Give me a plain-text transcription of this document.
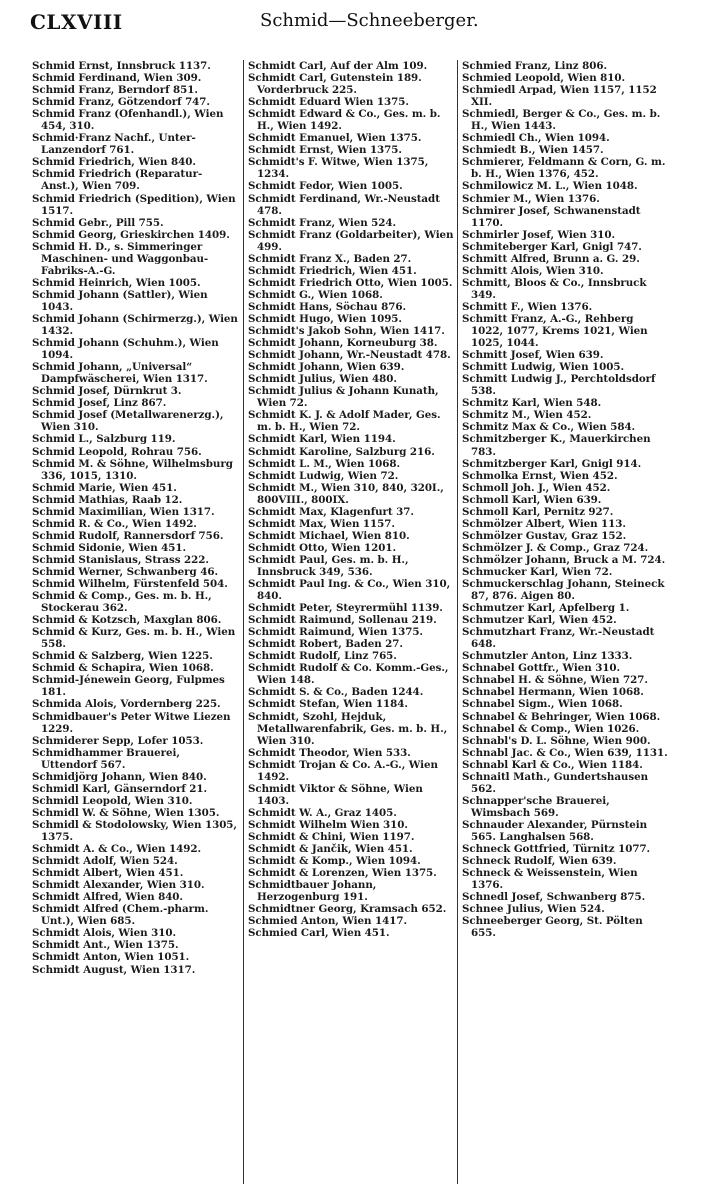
CLXVIII	Schmid—Schneeberger.

Schmid Ernst, Innsbruck 1137.

Schmid Ferdinand, Wien 309.

Schmid Franz, Berndorf 851.

Schmid Franz, Götzendorf 747.

Schmid Franz (Ofenhandl.), Wien 454, 310.

Schmid·Franz Nachf., Unter-Lanzendorf 761.

Schmid Friedrich, Wien 840.

Schmid Friedrich (Reparatur-Anst.), Wien 709.

Schmid Friedrich (Spedition), Wien 1517.

Schmid Gebr., Pill 755.

Schmid Georg, Grieskirchen 1409.

Schmid H. D., s. Simmeringer Maschinen- und Waggonbau-Fabriks-A.-G.

Schmid Heinrich, Wien 1005.

Schmid Johann (Sattler), Wien 1043.

Schmid Johann (Schirmerzg.), Wien 1432.

Schmid Johann (Schuhm.), Wien 1094.

Schmid Johann, „Universal“ Dampfwäscherei, Wien 1317.

Schmid Josef, Dürnkrut 3.

Schmid Josef, Linz 867.

Schmid Josef (Metallwarenerzg.), Wien 310.

Schmid L., Salzburg 119.

Schmid Leopold, Rohrau 756.

Schmid M. & Söhne, Wilhelmsburg 336, 1015, 1310.

Schmid Marie, Wien 451.

Schmid Mathias, Raab 12.

Schmid Maximilian, Wien 1317.

Schmid R. & Co., Wien 1492.

Schmid Rudolf, Rannersdorf 756.

Schmid Sidonie, Wien 451.

Schmid Stanislaus, Strass 222.

Schmid Werner, Schwanberg 46.

Schmid Wilhelm, Fürstenfeld 504.

Schmid & Comp., Ges. m. b. H., Stockerau 362.

Schmid & Kotzsch, Maxglan 806.

Schmid & Kurz, Ges. m. b. H., Wien 558.

Schmid & Salzberg, Wien 1225.

Schmid & Schapira, Wien 1068.

Schmid-Jénewein Georg, Fulpmes 181.

Schmida Alois, Vordernberg 225.

Schmidbauer's Peter Witwe Liezen 1229.

Schmiderer Sepp, Lofer 1053.

Schmidhammer Brauerei, Uttendorf 567.

Schmidjörg Johann, Wien 840.

Schmidl Karl, Gänserndorf 21.

Schmidl Leopold, Wien 310.

Schmidl W. & Söhne, Wien 1305.

Schmidl & Stodolowsky, Wien 1305, 1375.

Schmidt A. & Co., Wien 1492.

Schmidt Adolf, Wien 524.

Schmidt Albert, Wien 451.

Schmidt Alexander, Wien 310.

Schmidt Alfred, Wien 840.

Schmidt Alfred (Chem.-pharm. Unt.), Wien 685.

Schmidt Alois, Wien 310.

Schmidt Ant., Wien 1375.

Schmidt Anton, Wien 1051.

Schmidt August, Wien 1317.

Schmidt Carl, Auf der Alm 109.

Schmidt Carl, Gutenstein 189. Vorderbruck 225.

Schmidt Eduard Wien 1375.

Schmidt Edward & Co., Ges. m. b. H., Wien 1492.

Schmidt Emanuel, Wien 1375.

Schmidt Ernst, Wien 1375.

Schmidt's F. Witwe, Wien 1375, 1234.

Schmidt Fedor, Wien 1005.

Schmidt Ferdinand, Wr.-Neustadt 478.

Schmidt Franz, Wien 524.

Schmidt Franz (Goldarbeiter), Wien 499.

Schmidt Franz X., Baden 27.

Schmidt Friedrich, Wien 451.

Schmidt Friedrich Otto, Wien 1005.

Schmidt G., Wien 1068.

Schmidt Hans, Söchau 876.

Schmidt Hugo, Wien 1095.

Schmidt's Jakob Sohn, Wien 1417.

Schmidt Johann, Korneuburg 38.

Schmidt Johann, Wr.-Neustadt 478.

Schmidt Johann, Wien 639.

Schmidt Julius, Wien 480.

Schmidt Julius & Johann Kunath, Wien 72.

Schmidt K. J. & Adolf Mader, Ges. m. b. H., Wien 72.

Schmidt Karl, Wien 1194.

Schmidt Karoline, Salzburg 216.

Schmidt L. M., Wien 1068.

Schmidt Ludwig, Wien 72.

Schmidt M., Wien 310, 840, 320I., 800VIII., 800IX.

Schmidt Max, Klagenfurt 37.

Schmidt Max, Wien 1157.

Schmidt Michael, Wien 810.

Schmidt Otto, Wien 1201.

Schmidt Paul, Ges. m. b. H., Innsbruck 349, 536.

Schmidt Paul Ing. & Co., Wien 310, 840.

Schmidt Peter, Steyrermühl 1139.

Schmidt Raimund, Sollenau 219.

Schmidt Raimund, Wien 1375.

Schmidt Robert, Baden 27.

Schmidt Rudolf, Linz 765.

Schmidt Rudolf & Co. Komm.-Ges., Wien 148.

Schmidt S. & Co., Baden 1244.

Schmidt Stefan, Wien 1184.

Schmidt, Szohl, Hejduk, Metallwarenfabrik, Ges. m. b. H., Wien 310.

Schmidt Theodor, Wien 533.

Schmidt Trojan & Co. A.-G., Wien 1492.

Schmidt Viktor & Söhne, Wien 1403.

Schmidt W. A., Graz 1405.

Schmidt Wilhelm Wien 310.

Schmidt & Chini, Wien 1197.

Schmidt & Jančik, Wien 451.

Schmidt & Komp., Wien 1094.

Schmidt & Lorenzen, Wien 1375.

Schmidtbauer Johann, Herzogenburg 191.

Schmidtner Georg, Kramsach 652.

Schmied Anton, Wien 1417.

Schmied Carl, Wien 451.

Schmied Franz, Linz 806.

Schmied Leopold, Wien 810.

Schmiedl Arpad, Wien 1157, 1152 XII.

Schmiedl, Berger & Co., Ges. m. b. H., Wien 1443.

Schmiedl Ch., Wien 1094.

Schmiedt B., Wien 1457.

Schmierer, Feldmann & Corn, G. m. b. H., Wien 1376, 452.

Schmilowicz M. L., Wien 1048.

Schmier M., Wien 1376.

Schmirer Josef, Schwanenstadt 1170.

Schmirler Josef, Wien 310.

Schmiteberger Karl, Gnigl 747.

Schmitt Alfred, Brunn a. G. 29.

Schmitt Alois, Wien 310.

Schmitt, Bloos & Co., Innsbruck 349.

Schmitt F., Wien 1376.

Schmitt Franz, A.-G., Rehberg 1022, 1077, Krems 1021, Wien 1025, 1044.

Schmitt Josef, Wien 639.

Schmitt Ludwig, Wien 1005.

Schmitt Ludwig J., Perchtoldsdorf 538.

Schmitz Karl, Wien 548.

Schmitz M., Wien 452.

Schmitz Max & Co., Wien 584.

Schmitzberger K., Mauerkirchen 783.

Schmitzberger Karl, Gnigl 914.

Schmolka Ernst, Wien 452.

Schmoll Joh. J., Wien 452.

Schmoll Karl, Wien 639.

Schmoll Karl, Pernitz 927.

Schmölzer Albert, Wien 113.

Schmölzer Gustav, Graz 152.

Schmölzer J. & Comp., Graz 724.

Schmölzer Johann, Bruck a M. 724.

Schmucker Karl, Wien 72.

Schmuckerschlag Johann, Steineck 87, 876. Aigen 80.

Schmutzer Karl, Apfelberg 1.

Schmutzer Karl, Wien 452.

Schmutzhart Franz, Wr.-Neustadt 648.

Schmutzler Anton, Linz 1333.

Schnabel Gottfr., Wien 310.

Schnabel H. & Söhne, Wien 727.

Schnabel Hermann, Wien 1068.

Schnabel Sigm., Wien 1068.

Schnabel & Behringer, Wien 1068.

Schnabel & Comp., Wien 1026.

Schnabl's D. L. Söhne, Wien 900.

Schnabl Jac. & Co., Wien 639, 1131.

Schnabl Karl & Co., Wien 1184.

Schnaitl Math., Gundertshausen 562.

Schnapper'sche Brauerei, Wimsbach 569.

Schnauder Alexander, Pürnstein 565. Langhalsen 568.

Schneck Gottfried, Türnitz 1077.

Schneck Rudolf, Wien 639.

Schneck & Weissenstein, Wien 1376.

Schnedl Josef, Schwanberg 875.

Schnee Julius, Wien 524.

Schneeberger Georg, St. Pölten 655.
